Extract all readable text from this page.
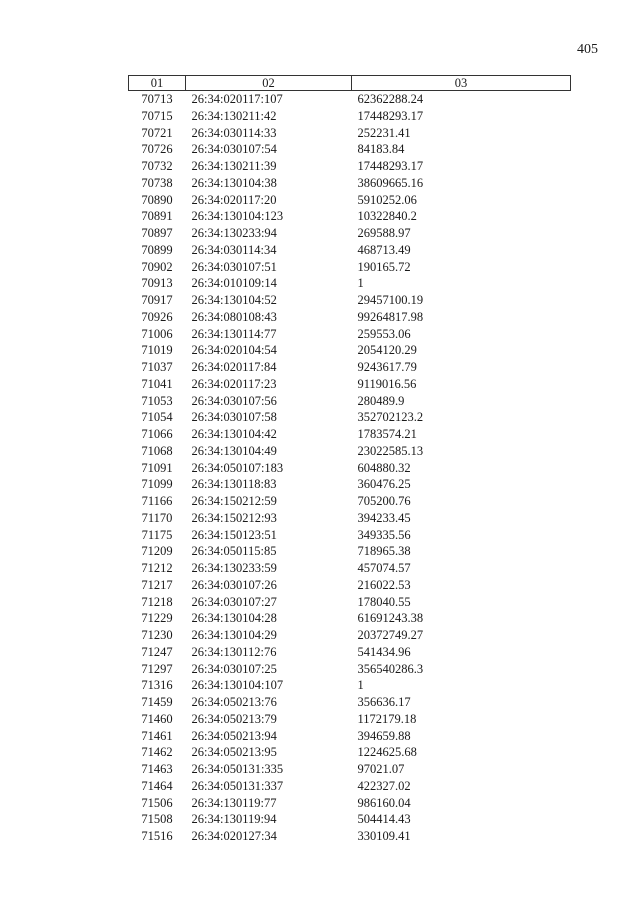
405
01	02	03
70713	26:34:020117:107	62362288.24
70715	26:34:130211:42	17448293.17
70721	26:34:030114:33	252231.41
70726	26:34:030107:54	84183.84
70732	26:34:130211:39	17448293.17
70738	26:34:130104:38	38609665.16
70890	26:34:020117:20	5910252.06
70891	26:34:130104:123	10322840.2
70897	26:34:130233:94	269588.97
70899	26:34:030114:34	468713.49
70902	26:34:030107:51	190165.72
70913	26:34:010109:14	1
70917	26:34:130104:52	29457100.19
70926	26:34:080108:43	99264817.98
71006	26:34:130114:77	259553.06
71019	26:34:020104:54	2054120.29
71037	26:34:020117:84	9243617.79
71041	26:34:020117:23	9119016.56
71053	26:34:030107:56	280489.9
71054	26:34:030107:58	352702123.2
71066	26:34:130104:42	1783574.21
71068	26:34:130104:49	23022585.13
71091	26:34:050107:183	604880.32
71099	26:34:130118:83	360476.25
71166	26:34:150212:59	705200.76
71170	26:34:150212:93	394233.45
71175	26:34:150123:51	349335.56
71209	26:34:050115:85	718965.38
71212	26:34:130233:59	457074.57
71217	26:34:030107:26	216022.53
71218	26:34:030107:27	178040.55
71229	26:34:130104:28	61691243.38
71230	26:34:130104:29	20372749.27
71247	26:34:130112:76	541434.96
71297	26:34:030107:25	356540286.3
71316	26:34:130104:107	1
71459	26:34:050213:76	356636.17
71460	26:34:050213:79	1172179.18
71461	26:34:050213:94	394659.88
71462	26:34:050213:95	1224625.68
71463	26:34:050131:335	97021.07
71464	26:34:050131:337	422327.02
71506	26:34:130119:77	986160.04
71508	26:34:130119:94	504414.43
71516	26:34:020127:34	330109.41
